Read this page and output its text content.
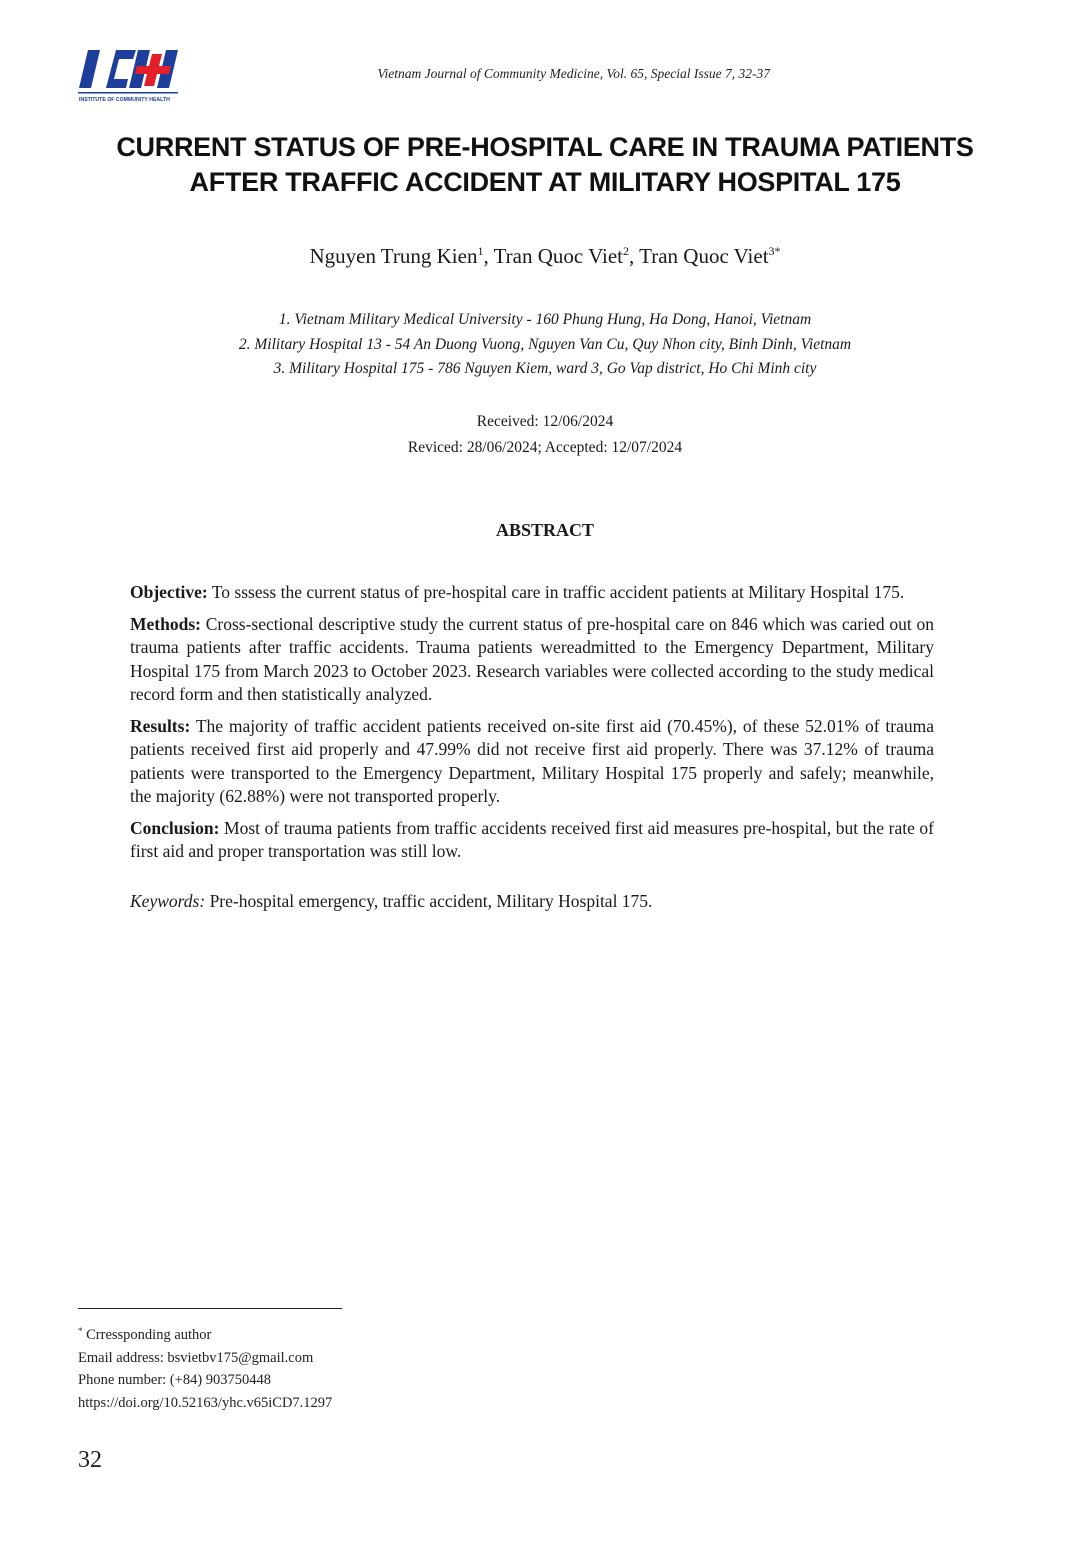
INSTITUTE OF COMMUNITY HEALTH
Vietnam Journal of Community Medicine, Vol. 65, Special Issue 7, 32-37
CURRENT STATUS OF PRE-HOSPITAL CARE IN TRAUMA PATIENTS
AFTER TRAFFIC ACCIDENT AT MILITARY HOSPITAL 175
Nguyen Trung Kien$^1$, Tran Quoc Viet$^2$, Tran Quoc Viet$^{3*}$
1. Vietnam Military Medical University - 160 Phung Hung, Ha Dong, Hanoi, Vietnam
2. Military Hospital 13 - 54 An Duong Vuong, Nguyen Van Cu, Quy Nhon city, Binh Dinh, Vietnam
3. Military Hospital 175 - 786 Nguyen Kiem, ward 3, Go Vap district, Ho Chi Minh city
Received: 12/06/2024
Reviced: 28/06/2024; Accepted: 12/07/2024
ABSTRACT

Objective: To sssess the current status of pre-hospital care in traffic accident patients at Military Hospital 175.

Methods: Cross-sectional descriptive study the current status of pre-hospital care on 846 which was caried out on trauma patients after traffic accidents. Trauma patients wereadmitted to the Emergency Department, Military Hospital 175 from March 2023 to October 2023. Research variables were collected according to the study medical record form and then statistically analyzed.

Results: The majority of traffic accident patients received on-site first aid (70.45%), of these 52.01% of trauma patients received first aid properly and 47.99% did not receive first aid properly. There was 37.12% of trauma patients were transported to the Emergency Department, Military Hospital 175 properly and safely; meanwhile, the majority (62.88%) were not transported properly.

Conclusion: Most of trauma patients from traffic accidents received first aid measures pre-hospital, but the rate of first aid and proper transportation was still low.

Keywords: Pre-hospital emergency, traffic accident, Military Hospital 175.

* Crressponding author
Email address: bsvietbv175@gmail.com
Phone number: (+84) 903750448
https://doi.org/10.52163/yhc.v65iCD7.1297
32
